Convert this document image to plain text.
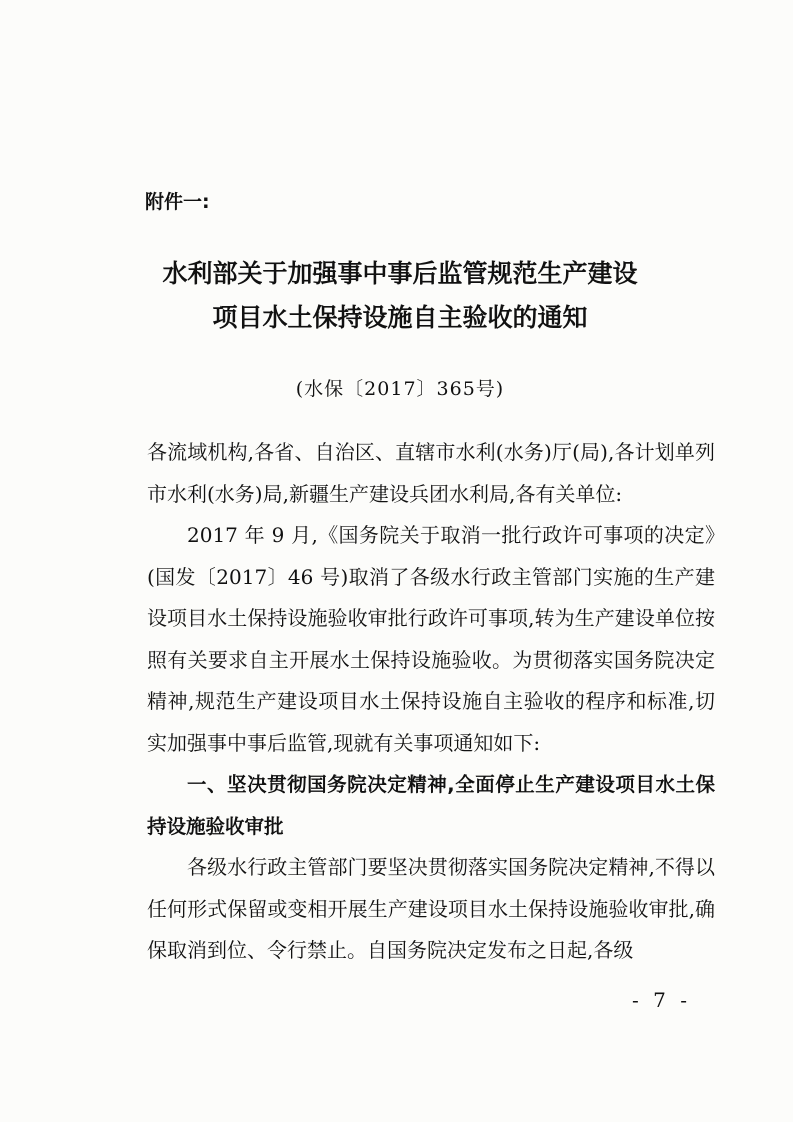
附件一:
水利部关于加强事中事后监管规范生产建设
项目水土保持设施自主验收的通知
(水保〔2017〕365号)

各流域机构,各省、自治区、直辖市水利(水务)厅(局),各计划单列市水利(水务)局,新疆生产建设兵团水利局,各有关单位:

2017 年 9 月,《国务院关于取消一批行政许可事项的决定》(国发〔2017〕46 号)取消了各级水行政主管部门实施的生产建设项目水土保持设施验收审批行政许可事项,转为生产建设单位按照有关要求自主开展水土保持设施验收。为贯彻落实国务院决定精神,规范生产建设项目水土保持设施自主验收的程序和标准,切实加强事中事后监管,现就有关事项通知如下:

一、坚决贯彻国务院决定精神,全面停止生产建设项目水土保持设施验收审批

各级水行政主管部门要坚决贯彻落实国务院决定精神,不得以任何形式保留或变相开展生产建设项目水土保持设施验收审批,确保取消到位、令行禁止。自国务院决定发布之日起,各级

- 7 -
